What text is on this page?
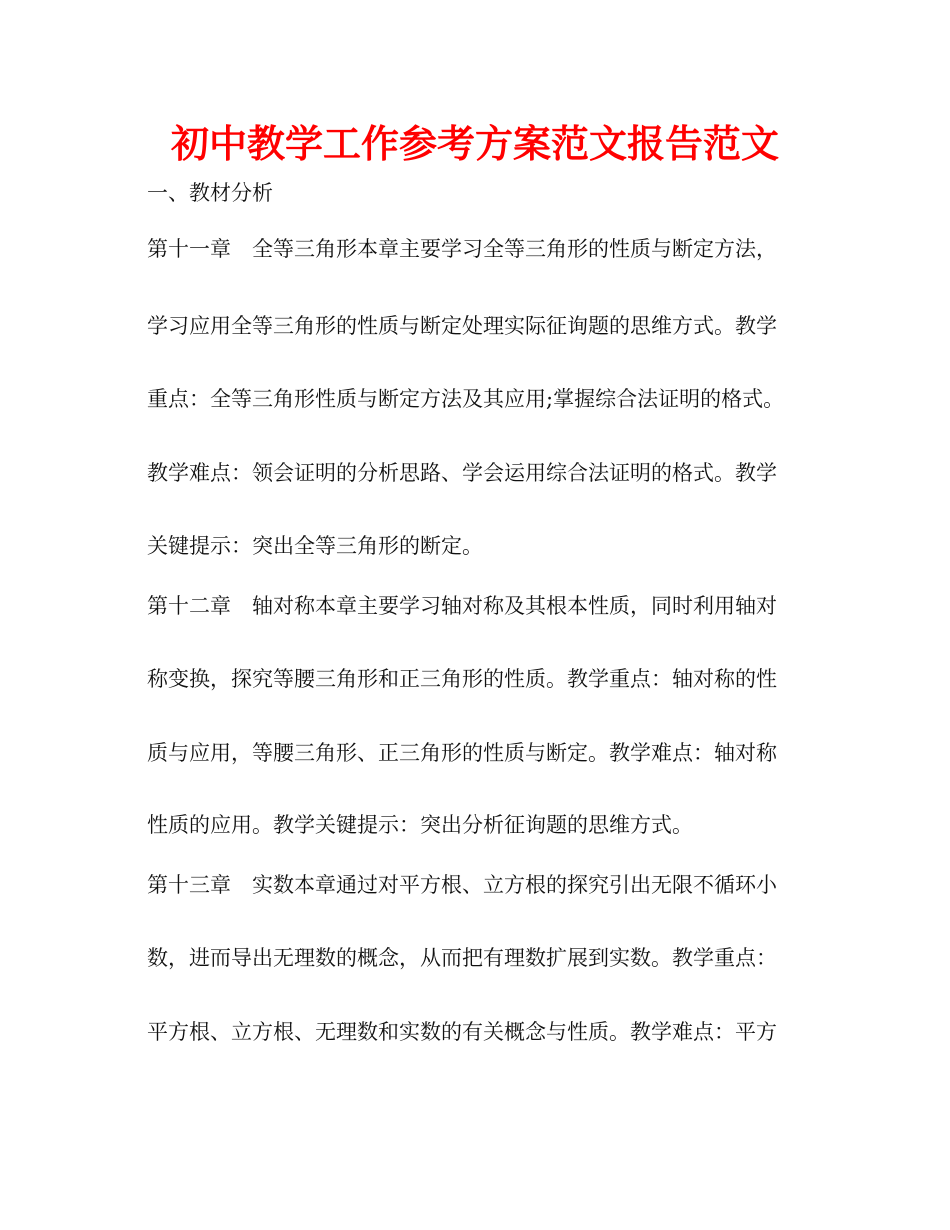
初中教学工作参考方案范文报告范文
一、教材分析
第十一章　全等三角形本章主要学习全等三角形的性质与断定方法，
学习应用全等三角形的性质与断定处理实际征询题的思维方式。教学
重点：全等三角形性质与断定方法及其应用;掌握综合法证明的格式。
教学难点：领会证明的分析思路、学会运用综合法证明的格式。教学
关键提示：突出全等三角形的断定。
第十二章　轴对称本章主要学习轴对称及其根本性质，同时利用轴对
称变换，探究等腰三角形和正三角形的性质。教学重点：轴对称的性
质与应用，等腰三角形、正三角形的性质与断定。教学难点：轴对称
性质的应用。教学关键提示：突出分析征询题的思维方式。
第十三章　实数本章通过对平方根、立方根的探究引出无限不循环小
数，进而导出无理数的概念，从而把有理数扩展到实数。教学重点：
平方根、立方根、无理数和实数的有关概念与性质。教学难点：平方
